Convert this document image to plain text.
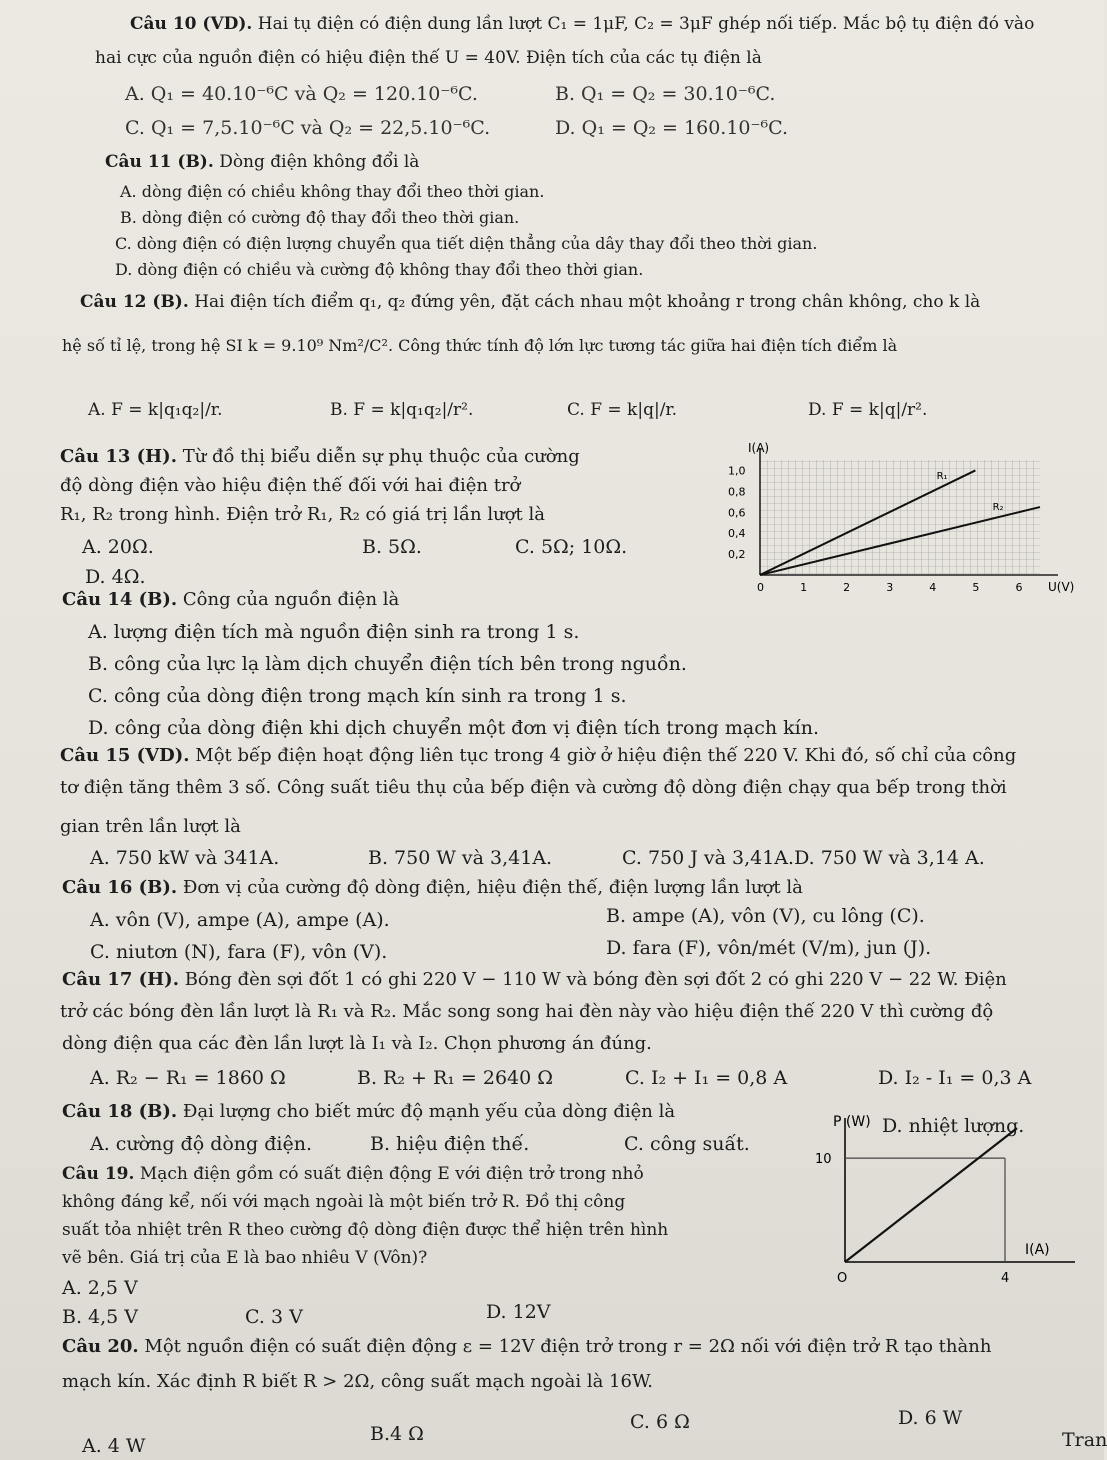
Câu 10 (VD). Hai tụ điện có điện dung lần lượt C₁ = 1μF, C₂ = 3μF ghép nối tiếp. Mắc bộ tụ điện đó vào
hai cực của nguồn điện có hiệu điện thế U = 40V. Điện tích của các tụ điện là
A. Q₁ = 40.10⁻⁶C và Q₂ = 120.10⁻⁶C.	B. Q₁ = Q₂ = 30.10⁻⁶C.
C. Q₁ = 7,5.10⁻⁶C và Q₂ = 22,5.10⁻⁶C.	D. Q₁ = Q₂ = 160.10⁻⁶C.
Câu 11 (B). Dòng điện không đổi là
A. dòng điện có chiều không thay đổi theo thời gian.
B. dòng điện có cường độ thay đổi theo thời gian.
C. dòng điện có điện lượng chuyển qua tiết diện thẳng của dây thay đổi theo thời gian.
D. dòng điện có chiều và cường độ không thay đổi theo thời gian.
Câu 12 (B). Hai điện tích điểm q₁, q₂ đứng yên, đặt cách nhau một khoảng r trong chân không, cho k là
hệ số tỉ lệ, trong hệ SI k = 9.10⁹ Nm²/C². Công thức tính độ lớn lực tương tác giữa hai điện tích điểm là
A. F = k|q₁q₂|/r.	B. F = k|q₁q₂|/r².	C. F = k|q|/r.	D. F = k|q|/r².
Câu 13 (H). Từ đồ thị biểu diễn sự phụ thuộc của cường
độ dòng điện vào hiệu điện thế đối với hai điện trở
R₁, R₂ trong hình. Điện trở R₁, R₂ có giá trị lần lượt là
A. 20Ω.	B. 5Ω.	C. 5Ω; 10Ω.
D. 4Ω.
I(A)
U(V)
0	1	2	3	4	5	6
0,2
0,4
0,6
0,8
1,0	R₁
R₂
Câu 14 (B). Công của nguồn điện là
A. lượng điện tích mà nguồn điện sinh ra trong 1 s.
B. công của lực lạ làm dịch chuyển điện tích bên trong nguồn.
C. công của dòng điện trong mạch kín sinh ra trong 1 s.
D. công của dòng điện khi dịch chuyển một đơn vị điện tích trong mạch kín.
Câu 15 (VD). Một bếp điện hoạt động liên tục trong 4 giờ ở hiệu điện thế 220 V. Khi đó, số chỉ của công
tơ điện tăng thêm 3 số. Công suất tiêu thụ của bếp điện và cường độ dòng điện chạy qua bếp trong thời
gian trên lần lượt là
A. 750 kW và 341A.	B. 750 W và 3,41A.	C. 750 J và 3,41A.D. 750 W và 3,14 A.
Câu 16 (B). Đơn vị của cường độ dòng điện, hiệu điện thế, điện lượng lần lượt là
A. vôn (V), ampe (A), ampe (A).	B. ampe (A), vôn (V), cu lông (C).
C. niutơn (N), fara (F), vôn (V).	D. fara (F), vôn/mét (V/m), jun (J).
Câu 17 (H). Bóng đèn sợi đốt 1 có ghi 220 V − 110 W và bóng đèn sợi đốt 2 có ghi 220 V − 22 W. Điện
trở các bóng đèn lần lượt là R₁ và R₂. Mắc song song hai đèn này vào hiệu điện thế 220 V thì cường độ
dòng điện qua các đèn lần lượt là I₁ và I₂. Chọn phương án đúng.
A. R₂ − R₁ = 1860 Ω	B. R₂ + R₁ = 2640 Ω	C. I₂ + I₁ = 0,8 A	D. I₂ - I₁ = 0,3 A
Câu 18 (B). Đại lượng cho biết mức độ mạnh yếu của dòng điện là
A. cường độ dòng điện.	B. hiệu điện thế.	C. công suất.
D. nhiệt lượng.
Câu 19. Mạch điện gồm có suất điện động E với điện trở trong nhỏ
không đáng kể, nối với mạch ngoài là một biến trở R. Đồ thị công
suất tỏa nhiệt trên R theo cường độ dòng điện được thể hiện trên hình
vẽ bên. Giá trị của E là bao nhiêu V (Vôn)?
A. 2,5 V
B. 4,5 V	C. 3 V	D. 12V
P (W)
I(A)
O	4
10
Câu 20. Một nguồn điện có suất điện động ε = 12V điện trở trong r = 2Ω nối với điện trở R tạo thành
mạch kín. Xác định R biết R > 2Ω, công suất mạch ngoài là 16W.
A. 4 W
B.4 Ω
C. 6 Ω	D. 6 W
Tran
